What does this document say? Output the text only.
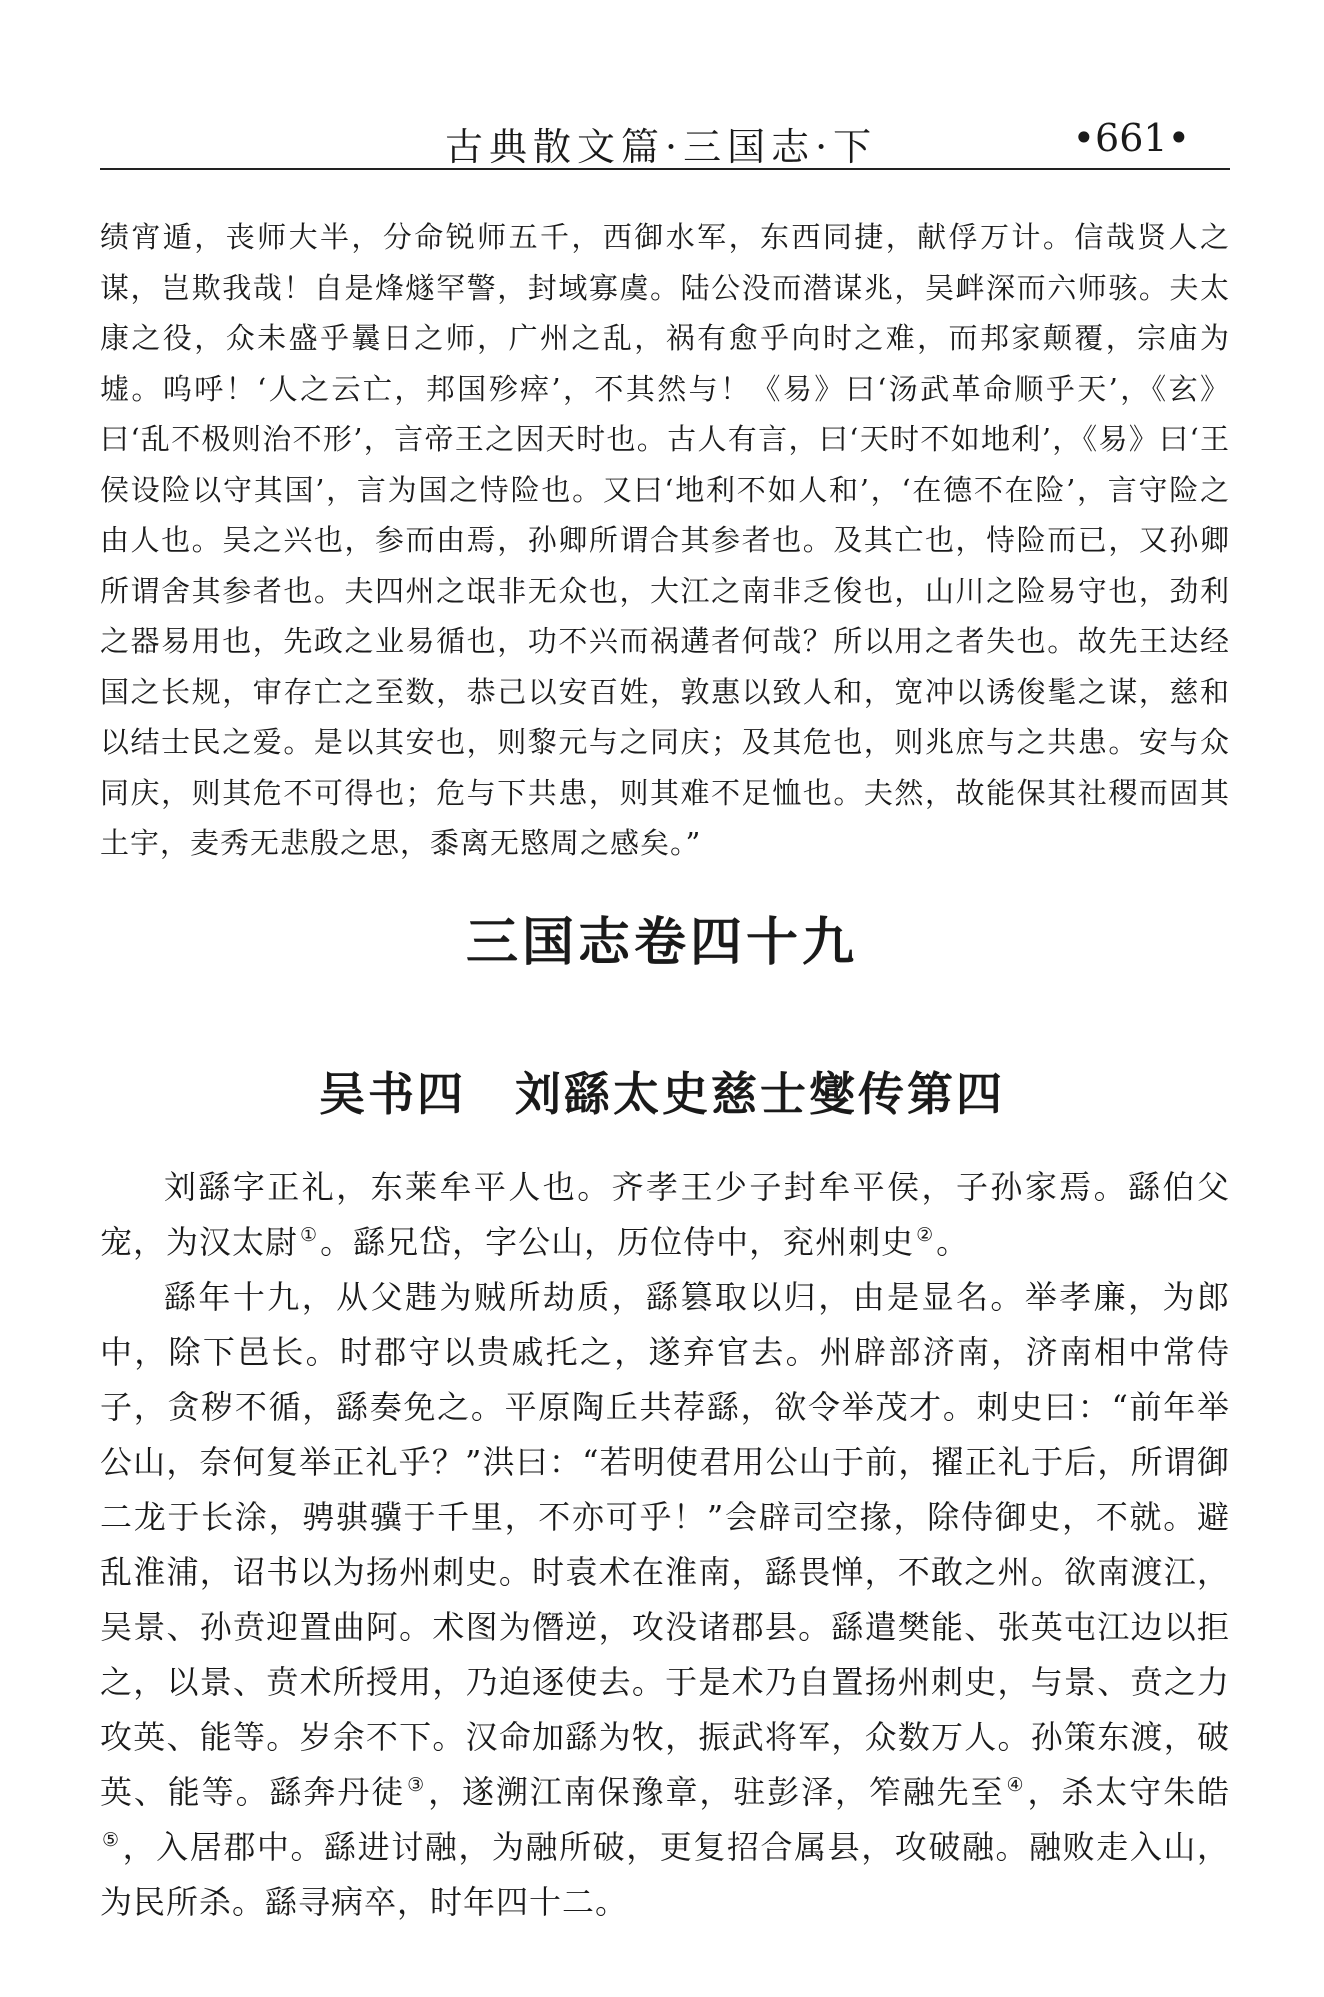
古典散文篇·三国志·下	•661•
绩宵遁，丧师大半，分命锐师五千，西御水军，东西同捷，献俘万计。信哉贤人之谋，岂欺我哉！自是烽燧罕警，封域寡虞。陆公没而潜谋兆，吴衅深而六师骇。夫太康之役，众未盛乎曩日之师，广州之乱，祸有愈乎向时之难，而邦家颠覆，宗庙为墟。呜呼！‘人之云亡，邦国殄瘁’，不其然与！《易》曰‘汤武革命顺乎天’，《玄》曰‘乱不极则治不形’，言帝王之因天时也。古人有言，曰‘天时不如地利’，《易》曰‘王侯设险以守其国’，言为国之恃险也。又曰‘地利不如人和’，‘在德不在险’，言守险之由人也。吴之兴也，参而由焉，孙卿所谓合其参者也。及其亡也，恃险而已，又孙卿所谓舍其参者也。夫四州之氓非无众也，大江之南非乏俊也，山川之险易守也，劲利之器易用也，先政之业易循也，功不兴而祸遘者何哉？所以用之者失也。故先王达经国之长规，审存亡之至数，恭己以安百姓，敦惠以致人和，宽冲以诱俊髦之谋，慈和以结士民之爱。是以其安也，则黎元与之同庆；及其危也，则兆庶与之共患。安与众同庆，则其危不可得也；危与下共患，则其难不足恤也。夫然，故能保其社稷而固其土宇，麦秀无悲殷之思，黍离无愍周之感矣。”
三国志卷四十九
吴书四　刘繇太史慈士燮传第四

刘繇字正礼，东莱牟平人也。齐孝王少子封牟平侯，子孙家焉。繇伯父宠，为汉太尉 ①。繇兄岱，字公山，历位侍中，兖州刺史 ②。

繇年十九，从父韪为贼所劫质，繇篡取以归，由是显名。举孝廉，为郎中，除下邑长。时郡守以贵戚托之，遂弃官去。州辟部济南，济南相中常侍子，贪秽不循，繇奏免之。平原陶丘共荐繇，欲令举茂才。刺史曰：“前年举公山，奈何复举正礼乎？”洪曰：“若明使君用公山于前，擢正礼于后，所谓御二龙于长涂，骋骐骥于千里，不亦可乎！”会辟司空掾，除侍御史，不就。避乱淮浦，诏书以为扬州刺史。时袁术在淮南，繇畏惮，不敢之州。欲南渡江，吴景、孙贲迎置曲阿。术图为僭逆，攻没诸郡县。繇遣樊能、张英屯江边以拒之，以景、贲术所授用，乃迫逐使去。于是术乃自置扬州刺史，与景、贲之力攻英、能等。岁余不下。汉命加繇为牧，振武将军，众数万人。孙策东渡，破英、能等。繇奔丹徒 ③，遂溯江南保豫章，驻彭泽，笮融先至 ④，杀太守朱皓⑤，入居郡中。繇进讨融，为融所破，更复招合属县，攻破融。融败走入山，为民所杀。繇寻病卒，时年四十二。
